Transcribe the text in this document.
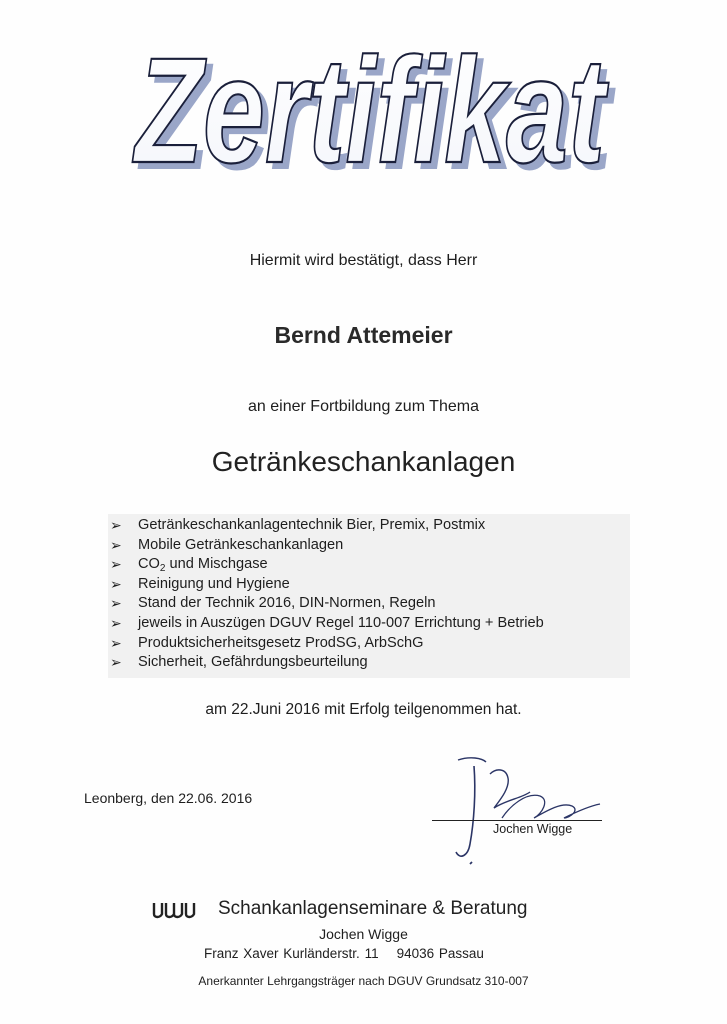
Zertifikat
Zertifikat
Hiermit wird bestätigt, dass Herr
Bernd Attemeier
an einer Fortbildung zum Thema
Getränkeschankanlagen
➢ Getränkeschankanlagentechnik Bier, Premix, Postmix
➢ Mobile Getränkeschankanlagen
➢ $CO_2$ und Mischgase
➢ Reinigung und Hygiene
➢ Stand der Technik 2016, DIN-Normen, Regeln
➢ jeweils in Auszügen DGUV Regel 110-007 Errichtung + Betrieb
➢ Produktsicherheitsgesetz ProdSG, ArbSchG
➢ Sicherheit, Gefährdungsbeurteilung
am 22.Juni 2016 mit Erfolg teilgenommen hat.
Leonberg, den 22.06. 2016
Jochen Wigge
Schankanlagenseminare & Beratung
Jochen Wigge
Franz Xaver Kurländerstr. 11 94036 Passau
Anerkannter Lehrgangsträger nach DGUV Grundsatz 310-007
